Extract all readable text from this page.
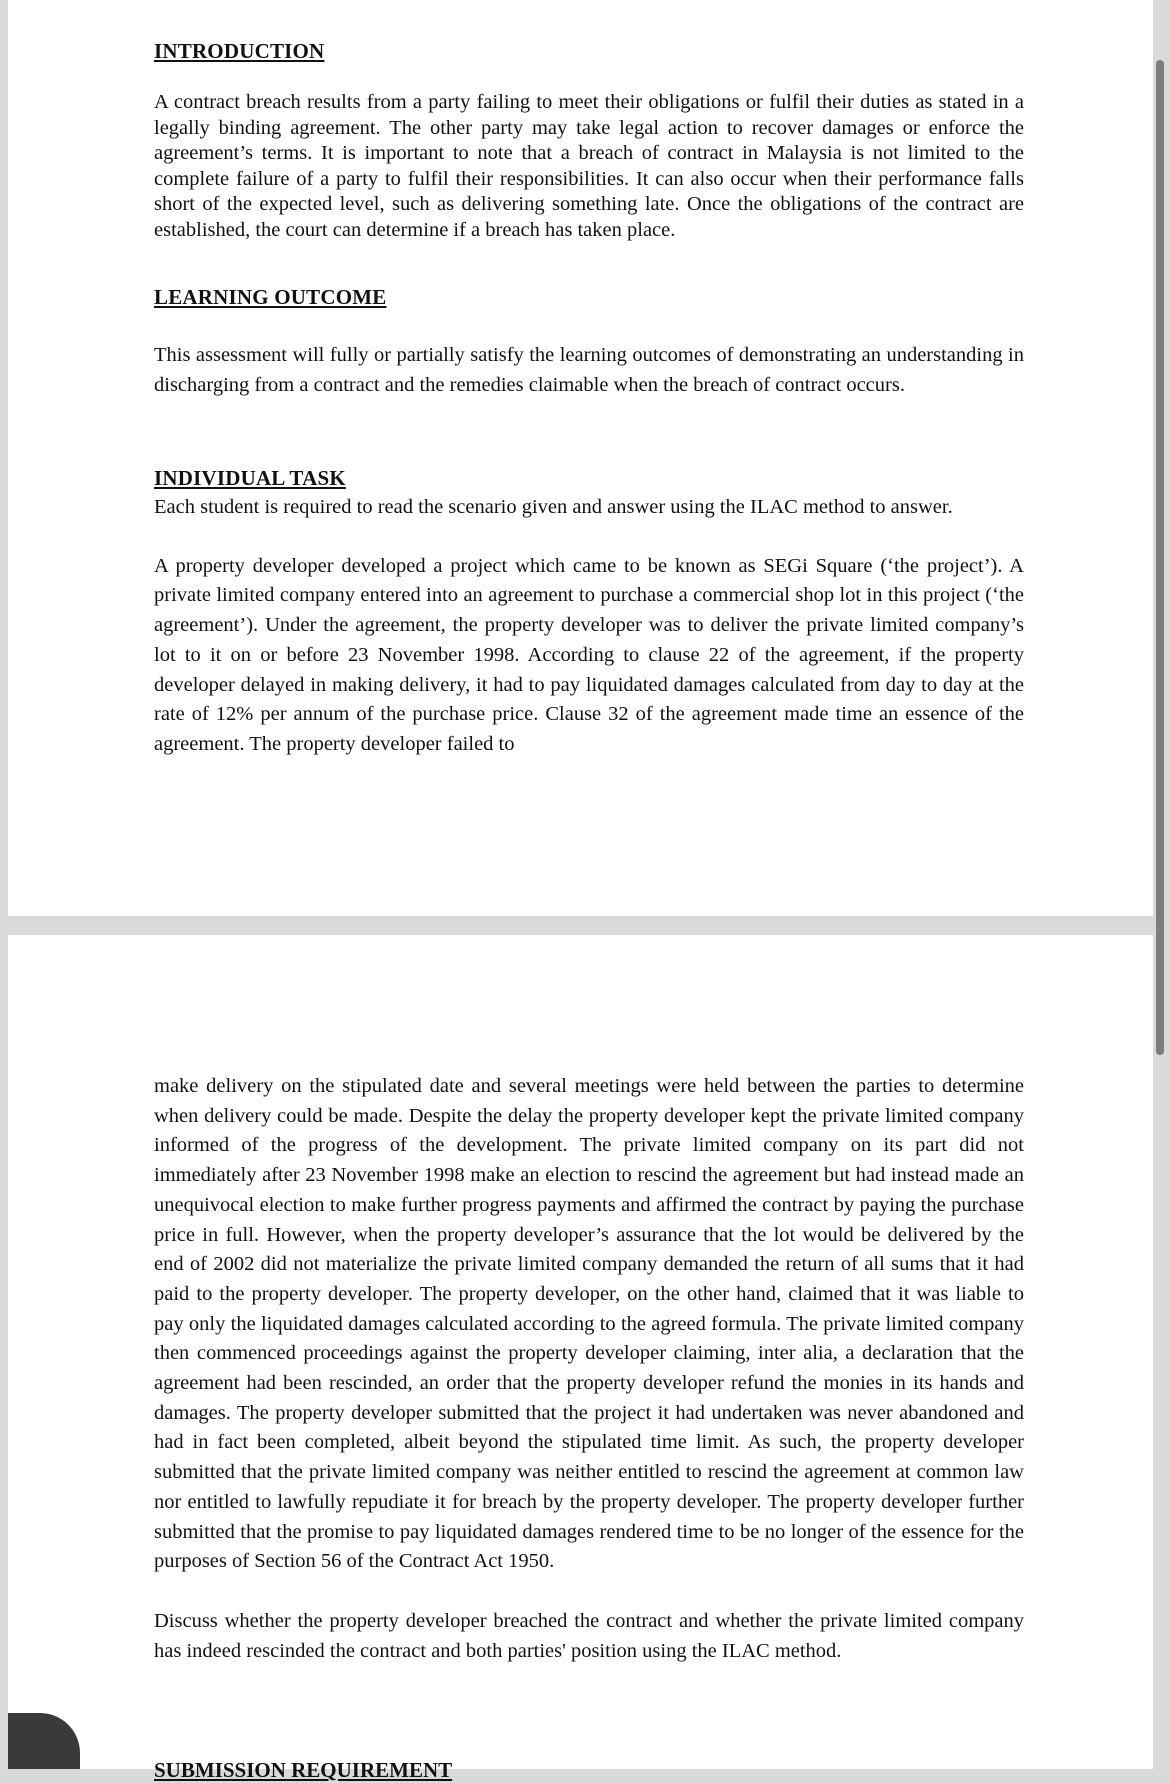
INTRODUCTION

A contract breach results from a party failing to meet their obligations or fulfil their duties as stated in a legally binding agreement. The other party may take legal action to recover damages or enforce the agreement’s terms. It is important to note that a breach of contract in Malaysia is not limited to the complete failure of a party to fulfil their responsibilities. It can also occur when their performance falls short of the expected level, such as delivering something late. Once the obligations of the contract are established, the court can determine if a breach has taken place.

LEARNING OUTCOME

This assessment will fully or partially satisfy the learning outcomes of demonstrating an understanding in discharging from a contract and the remedies claimable when the breach of contract occurs.

INDIVIDUAL TASK

Each student is required to read the scenario given and answer using the ILAC method to answer.

A property developer developed a project which came to be known as SEGi Square (‘the project’). A private limited company entered into an agreement to purchase a commercial shop lot in this project (‘the agreement’). Under the agreement, the property developer was to deliver the private limited company’s lot to it on or before 23 November 1998. According to clause 22 of the agreement, if the property developer delayed in making delivery, it had to pay liquidated damages calculated from day to day at the rate of 12% per annum of the purchase price. Clause 32 of the agreement made time an essence of the agreement. The property developer failed to

make delivery on the stipulated date and several meetings were held between the parties to determine when delivery could be made. Despite the delay the property developer kept the private limited company informed of the progress of the development. The private limited company on its part did not immediately after 23 November 1998 make an election to rescind the agreement but had instead made an unequivocal election to make further progress payments and affirmed the contract by paying the purchase price in full. However, when the property developer’s assurance that the lot would be delivered by the end of 2002 did not materialize the private limited company demanded the return of all sums that it had paid to the property developer. The property developer, on the other hand, claimed that it was liable to pay only the liquidated damages calculated according to the agreed formula. The private limited company then commenced proceedings against the property developer claiming, inter alia, a declaration that the agreement had been rescinded, an order that the property developer refund the monies in its hands and damages. The property developer submitted that the project it had undertaken was never abandoned and had in fact been completed, albeit beyond the stipulated time limit. As such, the property developer submitted that the private limited company was neither entitled to rescind the agreement at common law nor entitled to lawfully repudiate it for breach by the property developer. The property developer further submitted that the promise to pay liquidated damages rendered time to be no longer of the essence for the purposes of Section 56 of the Contract Act 1950.

Discuss whether the property developer breached the contract and whether the private limited company has indeed rescinded the contract and both parties' position using the ILAC method.

SUBMISSION REQUIREMENT
